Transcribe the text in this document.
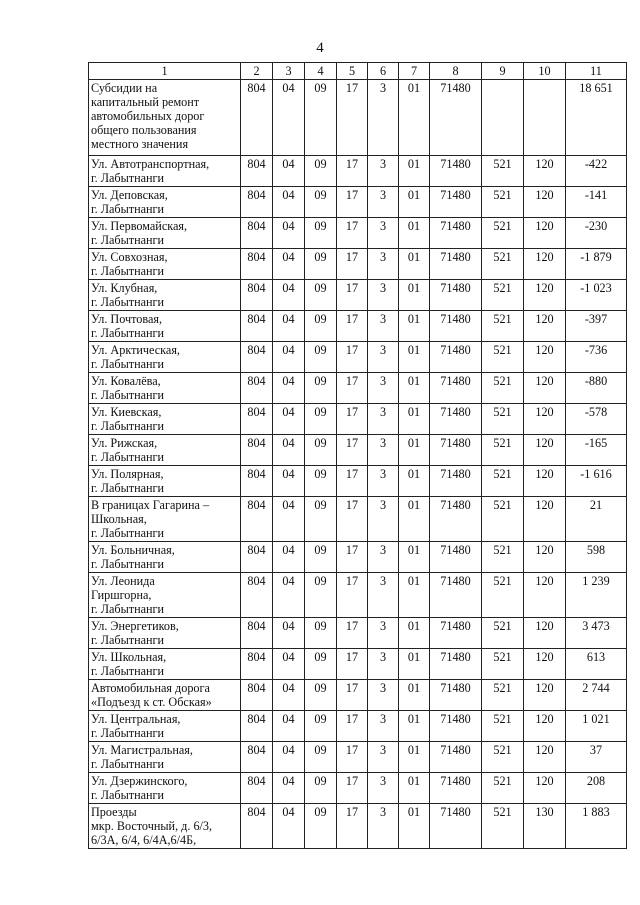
4
1	2	3	4	5	6	7	8	9	10	11
Субсидии на
капитальный ремонт
автомобильных дорог
общего пользования
местного значения	804	04	09	17	3	01	71480			18 651
Ул. Автотранспортная,
г. Лабытнанги	804	04	09	17	3	01	71480	521	120	-422
Ул. Деповская,
г. Лабытнанги	804	04	09	17	3	01	71480	521	120	-141
Ул. Первомайская,
г. Лабытнанги	804	04	09	17	3	01	71480	521	120	-230
Ул. Совхозная,
г. Лабытнанги	804	04	09	17	3	01	71480	521	120	-1 879
Ул. Клубная,
г. Лабытнанги	804	04	09	17	3	01	71480	521	120	-1 023
Ул. Почтовая,
г. Лабытнанги	804	04	09	17	3	01	71480	521	120	-397
Ул. Арктическая,
г. Лабытнанги	804	04	09	17	3	01	71480	521	120	-736
Ул. Ковалёва,
г. Лабытнанги	804	04	09	17	3	01	71480	521	120	-880
Ул. Киевская,
г. Лабытнанги	804	04	09	17	3	01	71480	521	120	-578
Ул. Рижская,
г. Лабытнанги	804	04	09	17	3	01	71480	521	120	-165
Ул. Полярная,
г. Лабытнанги	804	04	09	17	3	01	71480	521	120	-1 616
В границах Гагарина –
Школьная,
г. Лабытнанги	804	04	09	17	3	01	71480	521	120	21
Ул. Больничная,
г. Лабытнанги	804	04	09	17	3	01	71480	521	120	598
Ул. Леонида
Гиршгорна,
г. Лабытнанги	804	04	09	17	3	01	71480	521	120	1 239
Ул. Энергетиков,
г. Лабытнанги	804	04	09	17	3	01	71480	521	120	3 473
Ул. Школьная,
г. Лабытнанги	804	04	09	17	3	01	71480	521	120	613
Автомобильная дорога
«Подъезд к ст. Обская»	804	04	09	17	3	01	71480	521	120	2 744
Ул. Центральная,
г. Лабытнанги	804	04	09	17	3	01	71480	521	120	1 021
Ул. Магистральная,
г. Лабытнанги	804	04	09	17	3	01	71480	521	120	37
Ул. Дзержинского,
г. Лабытнанги	804	04	09	17	3	01	71480	521	120	208
Проезды
мкр. Восточный, д. 6/3,
6/3А, 6/4, 6/4А,6/4Б,	804	04	09	17	3	01	71480	521	130	1 883
